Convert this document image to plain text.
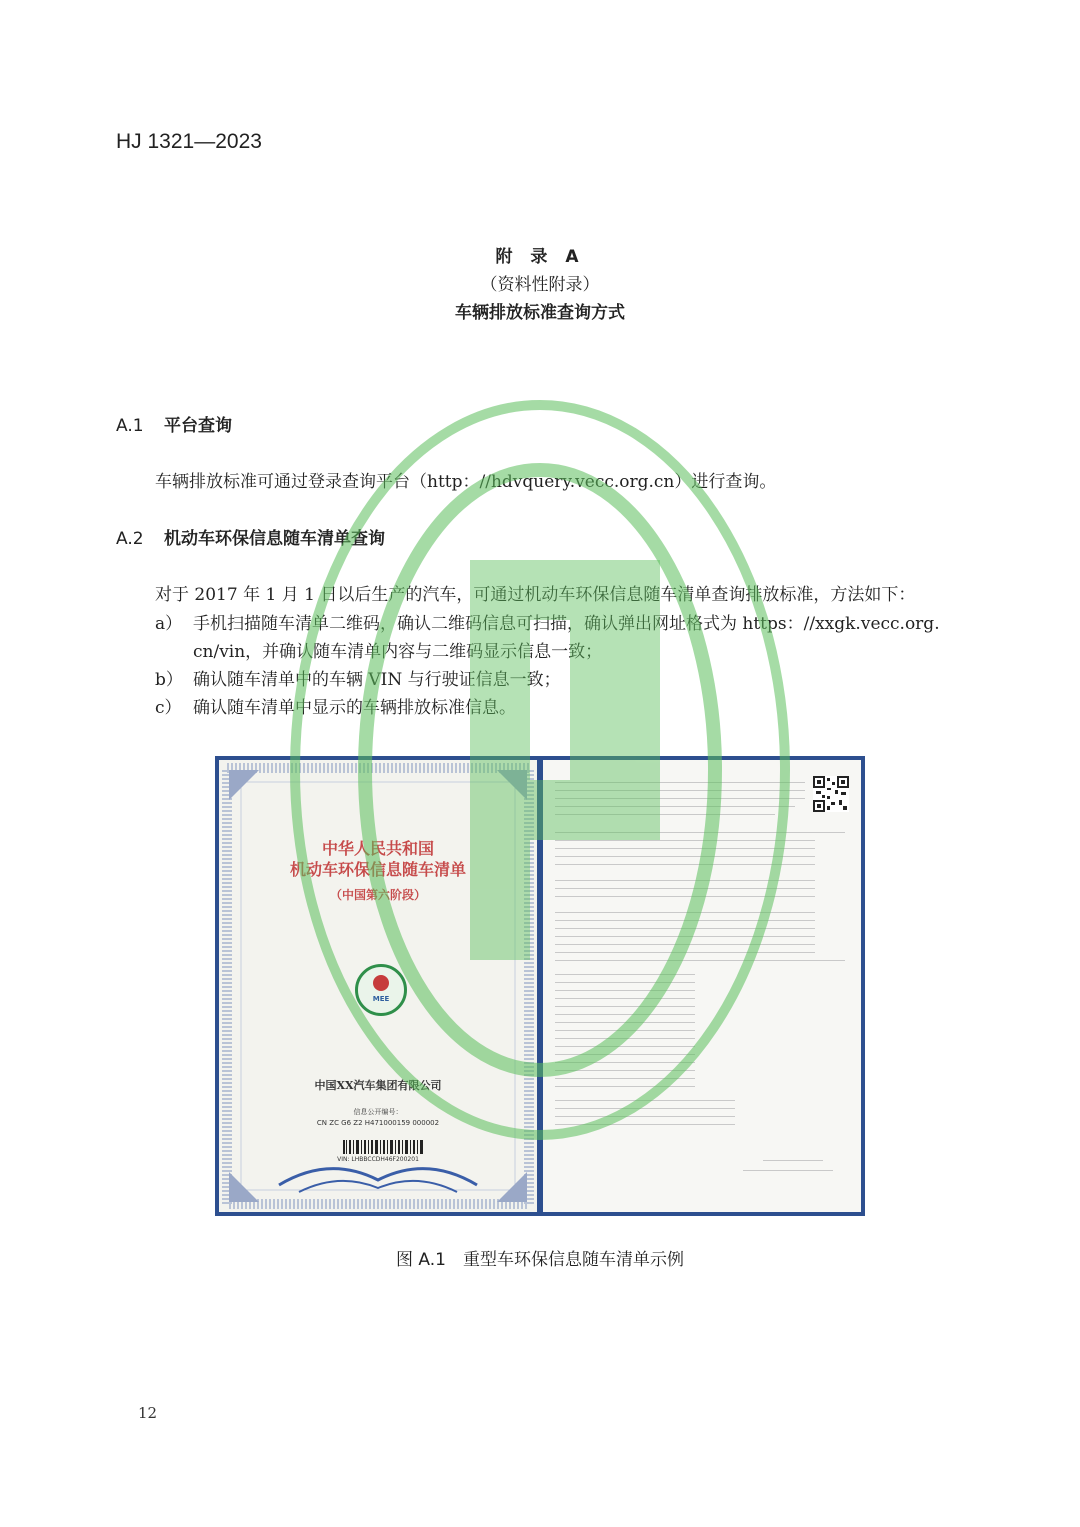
HJ 1321—2023
附 录 A
（资料性附录）
车辆排放标准查询方式
A.1 平台查询
车辆排放标准可通过登录查询平台（http：//hdvquery.vecc.org.cn）进行查询。
A.2 机动车环保信息随车清单查询
对于 2017 年 1 月 1 日以后生产的汽车，可通过机动车环保信息随车清单查询排放标准，方法如下：
a） 手机扫描随车清单二维码，确认二维码信息可扫描，确认弹出网址格式为 https：//xxgk.vecc.org.
cn/vin，并确认随车清单内容与二维码显示信息一致；
b） 确认随车清单中的车辆 VIN 与行驶证信息一致；
c） 确认随车清单中显示的车辆排放标准信息。
中华人民共和国
机动车环保信息随车清单
（中国第六阶段）
MEE
中国XX汽车集团有限公司
信息公开编号：
CN ZC G6 Z2 H471000159 000002
VIN: LHBBCCDH46F200201
图 A.1　重型车环保信息随车清单示例
12
